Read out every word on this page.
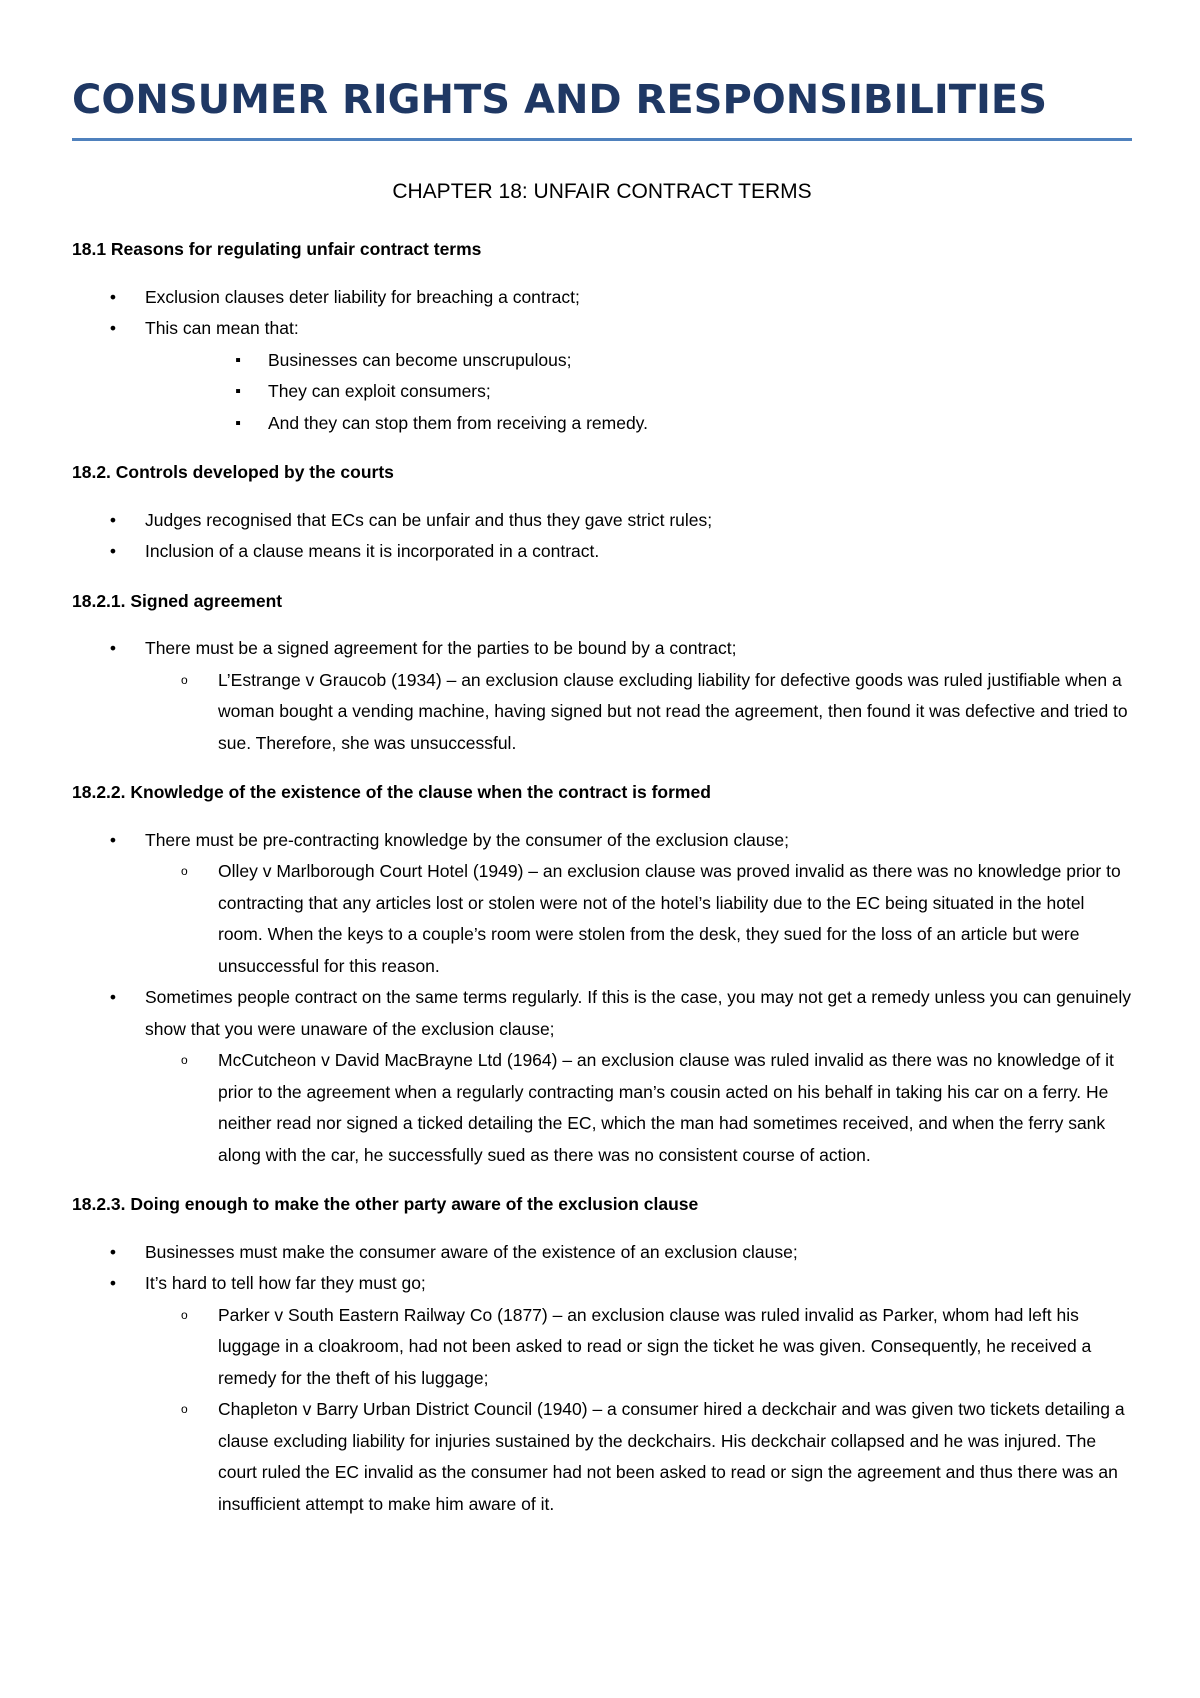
CONSUMER RIGHTS AND RESPONSIBILITIES
CHAPTER 18: UNFAIR CONTRACT TERMS

18.1 Reasons for regulating unfair contract terms

• Exclusion clauses deter liability for breaching a contract;
• This can mean that:
▪ Businesses can become unscrupulous;
▪ They can exploit consumers;
▪ And they can stop them from receiving a remedy.

18.2. Controls developed by the courts

• Judges recognised that ECs can be unfair and thus they gave strict rules;
• Inclusion of a clause means it is incorporated in a contract.

18.2.1. Signed agreement

• There must be a signed agreement for the parties to be bound by a contract;
o L’Estrange v Graucob (1934) – an exclusion clause excluding liability for defective goods was ruled justifiable when a woman bought a vending machine, having signed but not read the agreement, then found it was defective and tried to sue. Therefore, she was unsuccessful.

18.2.2. Knowledge of the existence of the clause when the contract is formed

• There must be pre-contracting knowledge by the consumer of the exclusion clause;
o Olley v Marlborough Court Hotel (1949) – an exclusion clause was proved invalid as there was no knowledge prior to contracting that any articles lost or stolen were not of the hotel’s liability due to the EC being situated in the hotel room. When the keys to a couple’s room were stolen from the desk, they sued for the loss of an article but were unsuccessful for this reason.
• Sometimes people contract on the same terms regularly. If this is the case, you may not get a remedy unless you can genuinely show that you were unaware of the exclusion clause;
o McCutcheon v David MacBrayne Ltd (1964) – an exclusion clause was ruled invalid as there was no knowledge of it prior to the agreement when a regularly contracting man’s cousin acted on his behalf in taking his car on a ferry. He neither read nor signed a ticked detailing the EC, which the man had sometimes received, and when the ferry sank along with the car, he successfully sued as there was no consistent course of action.

18.2.3. Doing enough to make the other party aware of the exclusion clause

• Businesses must make the consumer aware of the existence of an exclusion clause;
• It’s hard to tell how far they must go;
o Parker v South Eastern Railway Co (1877) – an exclusion clause was ruled invalid as Parker, whom had left his luggage in a cloakroom, had not been asked to read or sign the ticket he was given. Consequently, he received a remedy for the theft of his luggage;
o Chapleton v Barry Urban District Council (1940) – a consumer hired a deckchair and was given two tickets detailing a clause excluding liability for injuries sustained by the deckchairs. His deckchair collapsed and he was injured. The court ruled the EC invalid as the consumer had not been asked to read or sign the agreement and thus there was an insufficient attempt to make him aware of it.
